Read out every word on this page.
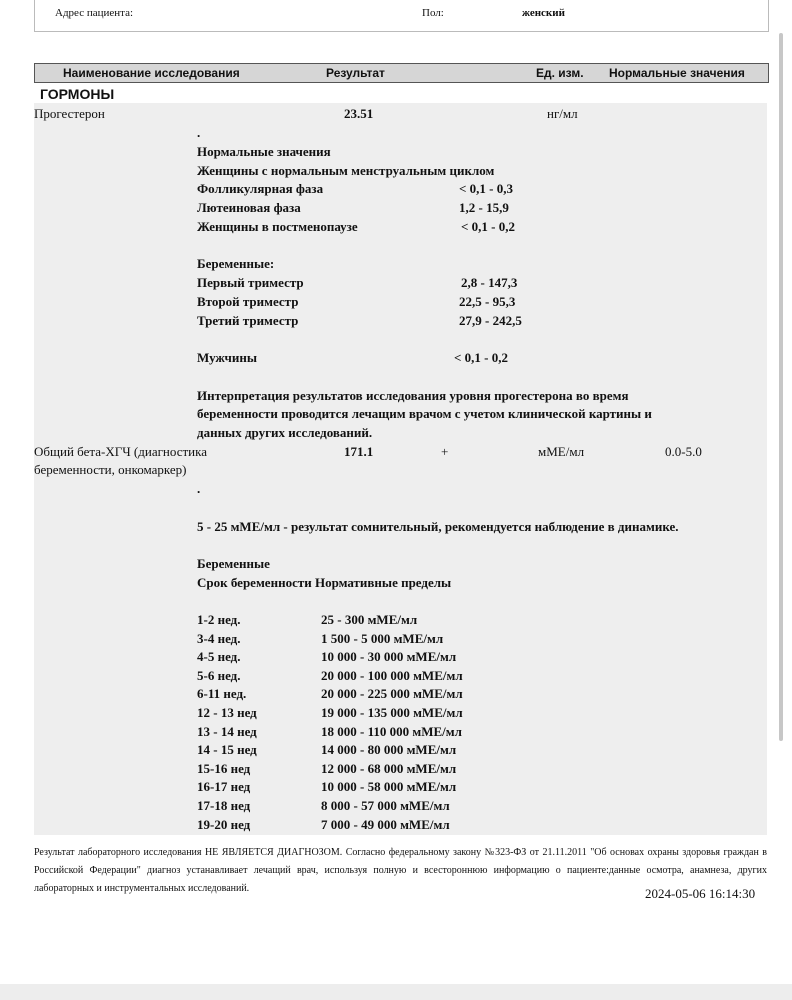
Адрес пациента:	Пол:	женский
Наименование исследования	Результат	Ед. изм. Нормальные значения
ГОРМОНЫ
Прогестерон	23.51	нг/мл
.
Нормальные значения
Женщины с нормальным менструальным циклом
Фолликулярная фаза	< 0,1 - 0,3
Лютеиновая фаза	1,2 - 15,9
Женщины в постменопаузе	< 0,1 - 0,2
Беременные:
Первый триместр	2,8 - 147,3
Второй триместр	22,5 - 95,3
Третий триместр	27,9 - 242,5
Мужчины	< 0,1 - 0,2
Интерпретация результатов исследования уровня прогестерона во время
беременности проводится лечащим врачом с учетом клинической картины и
данных других исследований.
Общий бета-ХГЧ (диагностика
беременности, онкомаркер)
171.1	+	мМЕ/мл	0.0-5.0
.
5 - 25 мМЕ/мл - результат сомнительный, рекомендуется наблюдение в динамике.
Беременные
Срок беременности Нормативные пределы
1-2 нед.	25 - 300 мМЕ/мл
3-4 нед.	1 500 - 5 000 мМЕ/мл
4-5 нед.	10 000 - 30 000 мМЕ/мл
5-6 нед.	20 000 - 100 000 мМЕ/мл
6-11 нед.	20 000 - 225 000 мМЕ/мл
12 - 13 нед	19 000 - 135 000 мМЕ/мл
13 - 14 нед	18 000 - 110 000 мМЕ/мл
14 - 15 нед	14 000 - 80 000 мМЕ/мл
15-16 нед	12 000 - 68 000 мМЕ/мл
16-17 нед	10 000 - 58 000 мМЕ/мл
17-18 нед	8 000 - 57 000 мМЕ/мл
19-20 нед	7 000 - 49 000 мМЕ/мл
Результат лабораторного исследования НЕ ЯВЛЯЕТСЯ ДИАГНОЗОМ. Согласно федеральному закону №323-ФЗ от 21.11.2011 "Об основах охраны здоровья граждан в Российской Федерации" диагноз устанавливает лечащий врач, используя полную и всестороннюю информацию о пациенте:данные осмотра, анамнеза, других лабораторных и инструментальных исследований.	2024-05-06 16:14:30
